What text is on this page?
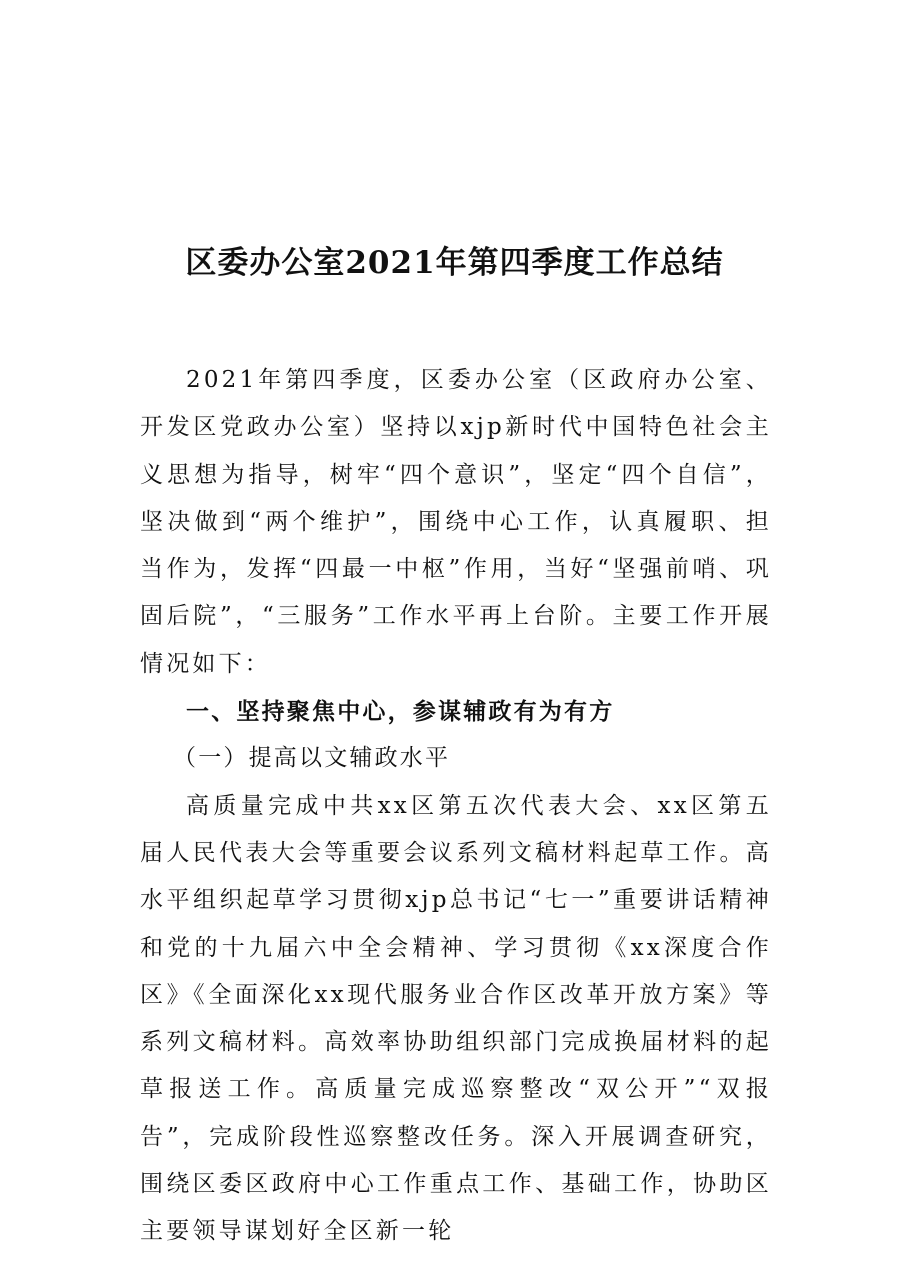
区委办公室2021年第四季度工作总结

2021年第四季度，区委办公室（区政府办公室、开发区党政办公室）坚持以xjp新时代中国特色社会主义思想为指导，树牢“四个意识”，坚定“四个自信”，坚决做到“两个维护”，围绕中心工作，认真履职、担当作为，发挥“四最一中枢”作用，当好“坚强前哨、巩固后院”，“三服务”工作水平再上台阶。主要工作开展情况如下：

一、坚持聚焦中心，参谋辅政有为有方

（一）提高以文辅政水平

高质量完成中共xx区第五次代表大会、xx区第五届人民代表大会等重要会议系列文稿材料起草工作。高水平组织起草学习贯彻xjp总书记“七一”重要讲话精神和党的十九届六中全会精神、学习贯彻《xx深度合作区》《全面深化xx现代服务业合作区改革开放方案》等系列文稿材料。高效率协助组织部门完成换届材料的起草报送工作。高质量完成巡察整改“双公开”“双报告”，完成阶段性巡察整改任务。深入开展调查研究，围绕区委区政府中心工作重点工作、基础工作，协助区主要领导谋划好全区新一轮
